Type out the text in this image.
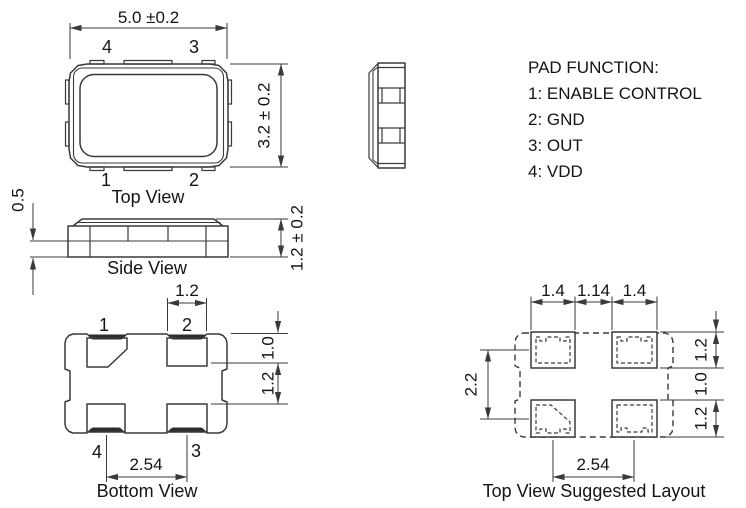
4	3
1	2
Top View
5.0 ±0.2
3.2 ± 0.2
0.5
1.2 ± 0.2
Side View
PAD FUNCTION:
1: ENABLE CONTROL
2: GND
3: OUT
4: VDD
1	2
4	3
1.2
1.0
1.2
2.54
Bottom View
1.4 1.14 1.4
2.2
1.2
1.0
1.2
2.54
Top View Suggested Layout
